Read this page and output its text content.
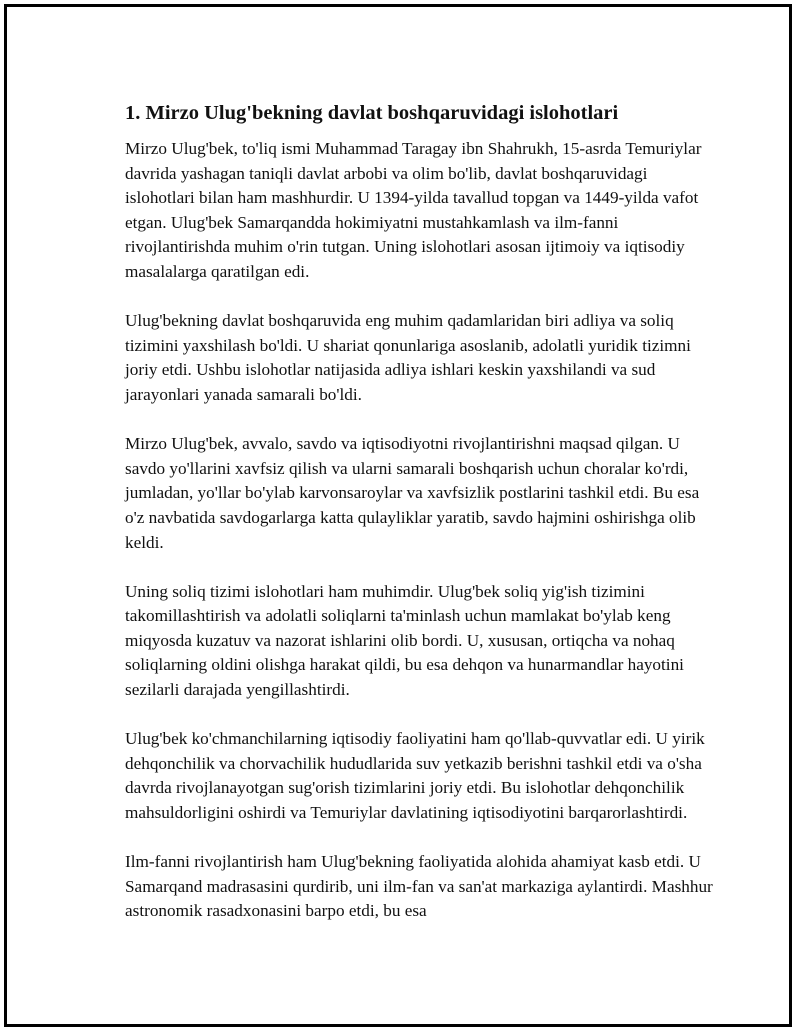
1. Mirzo Ulug'bekning davlat boshqaruvidagi islohotlari

Mirzo Ulug'bek, to'liq ismi Muhammad Taragay ibn Shahrukh, 15-asrda Temuriylar davrida yashagan taniqli davlat arbobi va olim bo'lib, davlat boshqaruvidagi islohotlari bilan ham mashhurdir. U 1394-yilda tavallud topgan va 1449-yilda vafot etgan. Ulug'bek Samarqandda hokimiyatni mustahkamlash va ilm-fanni rivojlantirishda muhim o'rin tutgan. Uning islohotlari asosan ijtimoiy va iqtisodiy masalalarga qaratilgan edi.

Ulug'bekning davlat boshqaruvida eng muhim qadamlaridan biri adliya va soliq tizimini yaxshilash bo'ldi. U shariat qonunlariga asoslanib, adolatli yuridik tizimni joriy etdi. Ushbu islohotlar natijasida adliya ishlari keskin yaxshilandi va sud jarayonlari yanada samarali bo'ldi.

Mirzo Ulug'bek, avvalo, savdo va iqtisodiyotni rivojlantirishni maqsad qilgan. U savdo yo'llarini xavfsiz qilish va ularni samarali boshqarish uchun choralar ko'rdi, jumladan, yo'llar bo'ylab karvonsaroylar va xavfsizlik postlarini tashkil etdi. Bu esa o'z navbatida savdogarlarga katta qulayliklar yaratib, savdo hajmini oshirishga olib keldi.

Uning soliq tizimi islohotlari ham muhimdir. Ulug'bek soliq yig'ish tizimini takomillashtirish va adolatli soliqlarni ta'minlash uchun mamlakat bo'ylab keng miqyosda kuzatuv va nazorat ishlarini olib bordi. U, xususan, ortiqcha va nohaq soliqlarning oldini olishga harakat qildi, bu esa dehqon va hunarmandlar hayotini sezilarli darajada yengillashtirdi.

Ulug'bek ko'chmanchilarning iqtisodiy faoliyatini ham qo'llab-quvvatlar edi. U yirik dehqonchilik va chorvachilik hududlarida suv yetkazib berishni tashkil etdi va o'sha davrda rivojlanayotgan sug'orish tizimlarini joriy etdi. Bu islohotlar dehqonchilik mahsuldorligini oshirdi va Temuriylar davlatining iqtisodiyotini barqarorlashtirdi.

Ilm-fanni rivojlantirish ham Ulug'bekning faoliyatida alohida ahamiyat kasb etdi. U Samarqand madrasasini qurdirib, uni ilm-fan va san'at markaziga aylantirdi. Mashhur astronomik rasadxonasini barpo etdi, bu esa
